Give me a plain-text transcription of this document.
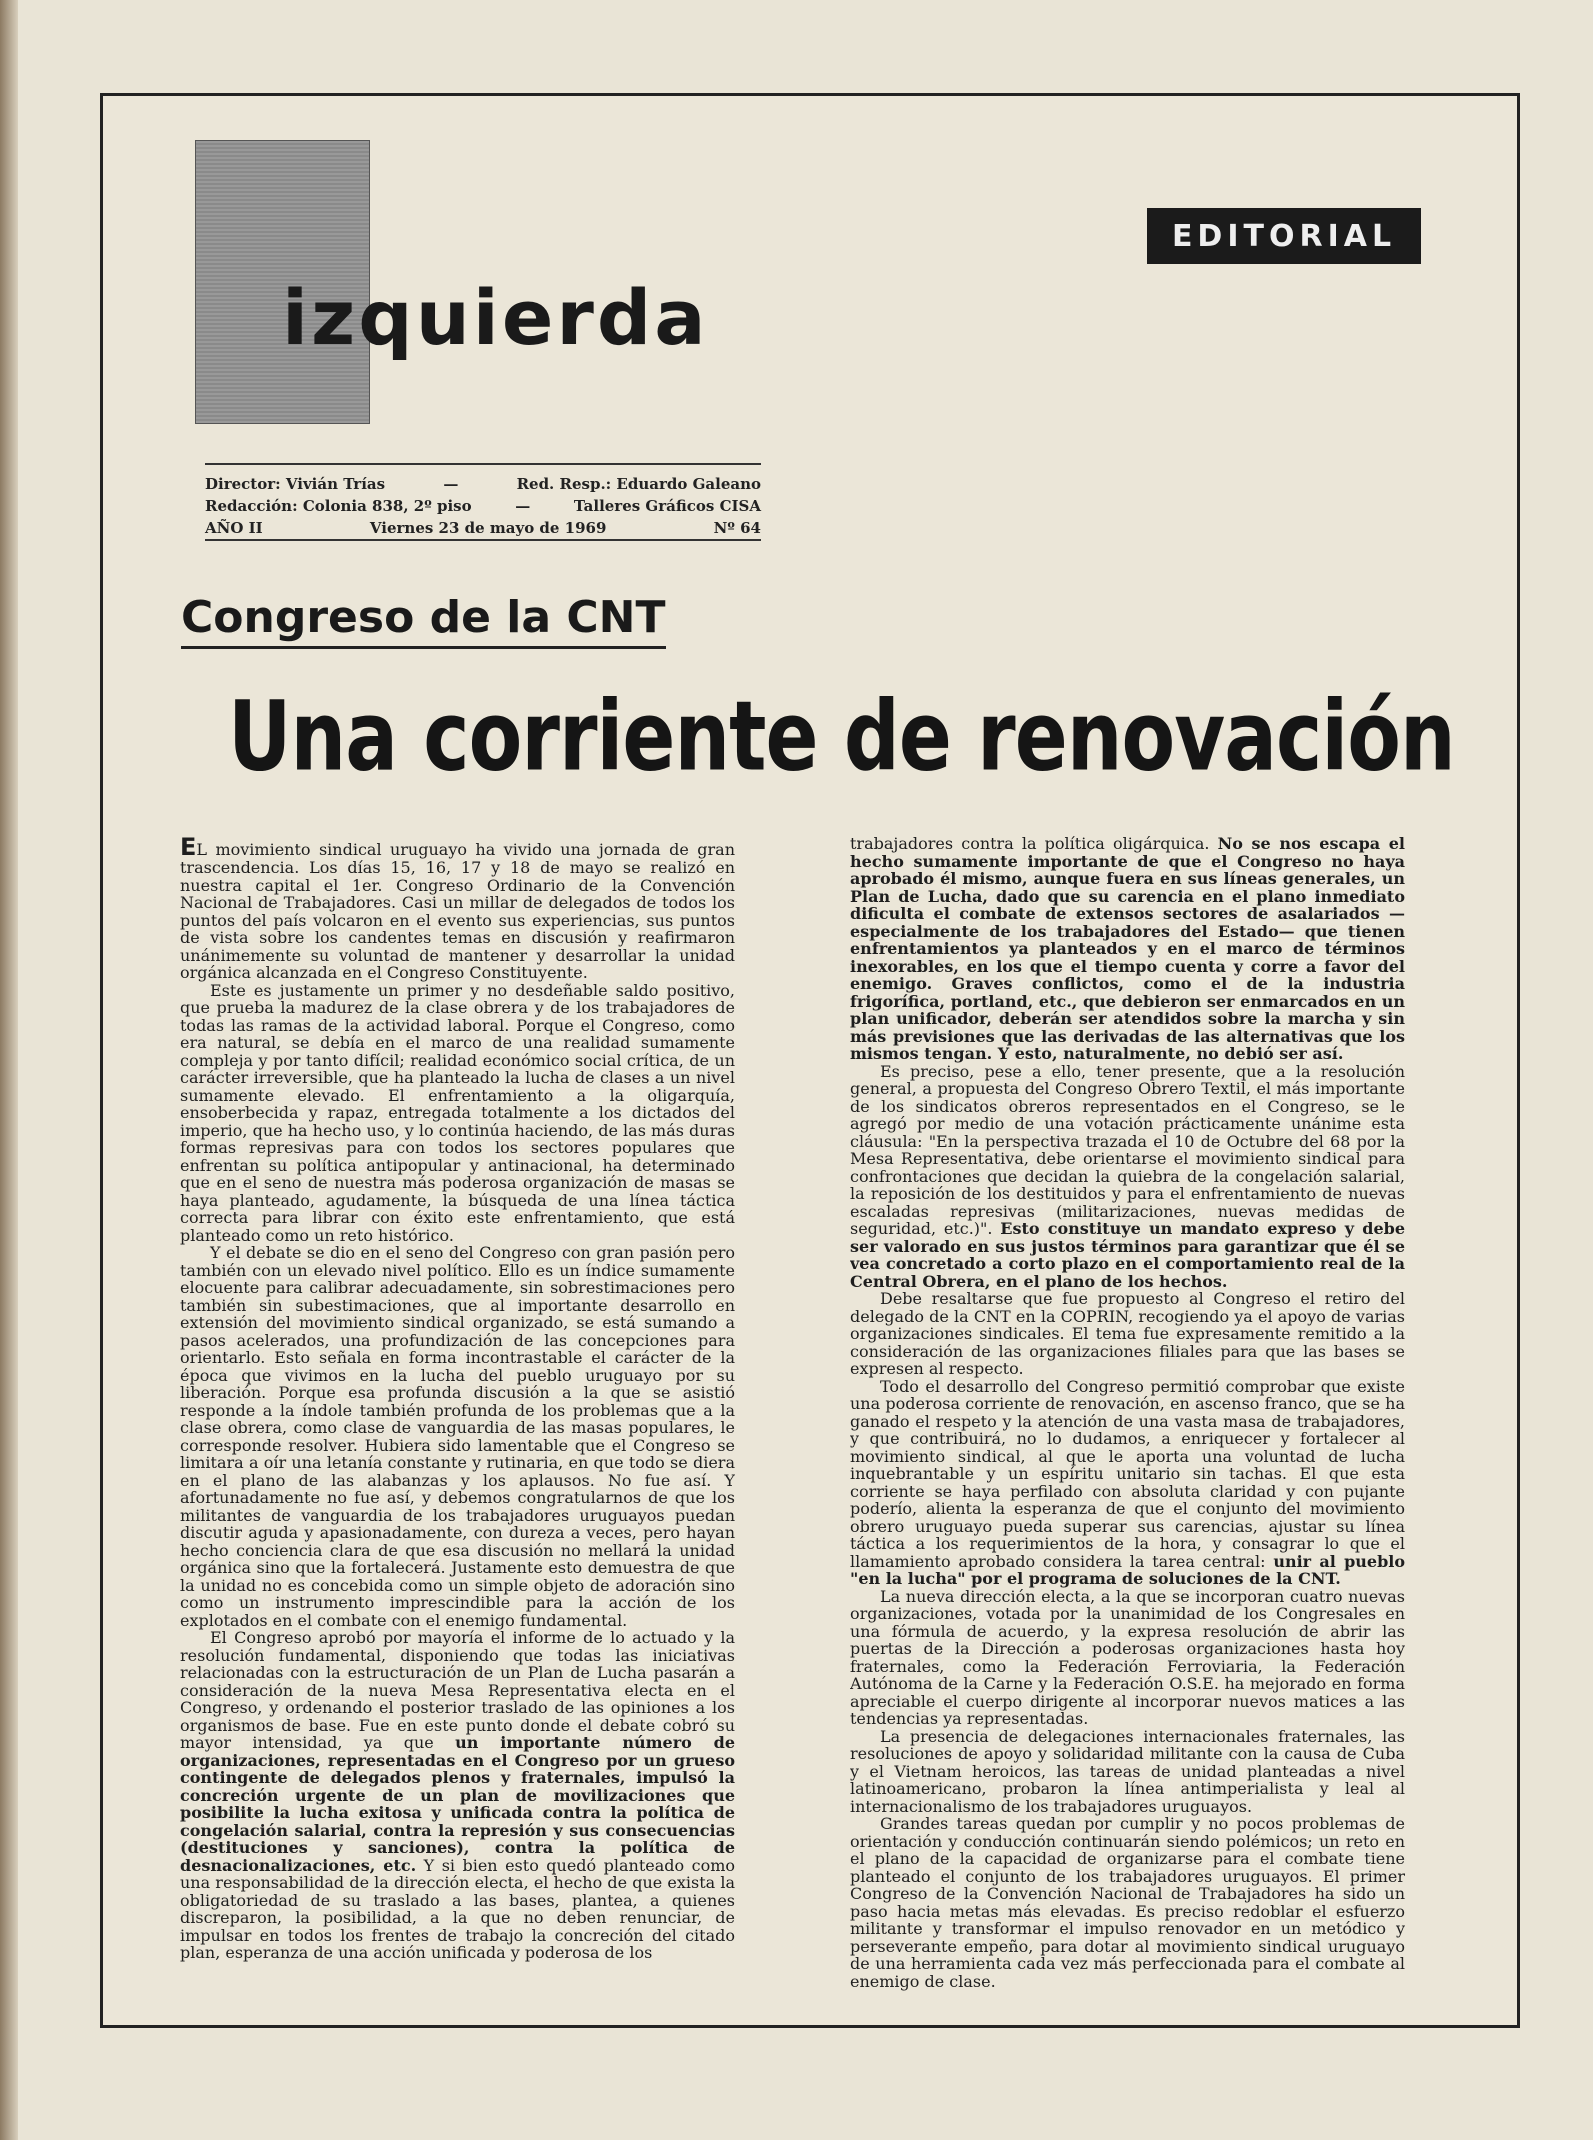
izquierda
EDITORIAL
Director: Vivián Trías	—	Red. Resp.: Eduardo Galeano
Redacción: Colonia 838, 2º piso	—	Talleres Gráficos CISA
AÑO II	Viernes 23 de mayo de 1969	Nº 64
Congreso de la CNT
Una corriente de renovación

EL movimiento sindical uruguayo ha vivido una jornada de gran trascendencia. Los días 15, 16, 17 y 18 de mayo se realizó en nuestra capital el 1er. Congreso Ordinario de la Convención Nacional de Trabajadores. Casi un millar de delegados de todos los puntos del país volcaron en el evento sus experiencias, sus puntos de vista sobre los candentes temas en discusión y reafirmaron unánimemente su voluntad de mantener y desarrollar la unidad orgánica alcanzada en el Congreso Constituyente.

Este es justamente un primer y no desdeñable saldo positivo, que prueba la madurez de la clase obrera y de los trabajadores de todas las ramas de la actividad laboral. Porque el Congreso, como era natural, se debía en el marco de una realidad sumamente compleja y por tanto difícil; realidad económico social crítica, de un carácter irreversible, que ha planteado la lucha de clases a un nivel sumamente elevado. El enfrentamiento a la oligarquía, ensoberbecida y rapaz, entregada totalmente a los dictados del imperio, que ha hecho uso, y lo continúa haciendo, de las más duras formas represivas para con todos los sectores populares que enfrentan su política antipopular y antinacional, ha determinado que en el seno de nuestra más poderosa organización de masas se haya planteado, agudamente, la búsqueda de una línea táctica correcta para librar con éxito este enfrentamiento, que está planteado como un reto histórico.

Y el debate se dio en el seno del Congreso con gran pasión pero también con un elevado nivel político. Ello es un índice sumamente elocuente para calibrar adecuadamente, sin sobrestimaciones pero también sin subestimaciones, que al importante desarrollo en extensión del movimiento sindical organizado, se está sumando a pasos acelerados, una profundización de las concepciones para orientarlo. Esto señala en forma incontrastable el carácter de la época que vivimos en la lucha del pueblo uruguayo por su liberación. Porque esa profunda discusión a la que se asistió responde a la índole también profunda de los problemas que a la clase obrera, como clase de vanguardia de las masas populares, le corresponde resolver. Hubiera sido lamentable que el Congreso se limitara a oír una letanía constante y rutinaria, en que todo se diera en el plano de las alabanzas y los aplausos. No fue así. Y afortunadamente no fue así, y debemos congratularnos de que los militantes de vanguardia de los trabajadores uruguayos puedan discutir aguda y apasionadamente, con dureza a veces, pero hayan hecho conciencia clara de que esa discusión no mellará la unidad orgánica sino que la fortalecerá. Justamente esto demuestra de que la unidad no es concebida como un simple objeto de adoración sino como un instrumento imprescindible para la acción de los explotados en el combate con el enemigo fundamental.

El Congreso aprobó por mayoría el informe de lo actuado y la resolución fundamental, disponiendo que todas las iniciativas relacionadas con la estructuración de un Plan de Lucha pasarán a consideración de la nueva Mesa Representativa electa en el Congreso, y ordenando el posterior traslado de las opiniones a los organismos de base. Fue en este punto donde el debate cobró su mayor intensidad, ya que un importante número de organizaciones, representadas en el Congreso por un grueso contingente de delegados plenos y fraternales, impulsó la concreción urgente de un plan de movilizaciones que posibilite la lucha exitosa y unificada contra la política de congelación salarial, contra la represión y sus consecuencias (destituciones y sanciones), contra la política de desnacionalizaciones, etc. Y si bien esto quedó planteado como una responsabilidad de la dirección electa, el hecho de que exista la obligatoriedad de su traslado a las bases, plantea, a quienes discreparon, la posibilidad, a la que no deben renunciar, de impulsar en todos los frentes de trabajo la concreción del citado plan, esperanza de una acción unificada y poderosa de los

trabajadores contra la política oligárquica. No se nos escapa el hecho sumamente importante de que el Congreso no haya aprobado él mismo, aunque fuera en sus líneas generales, un Plan de Lucha, dado que su carencia en el plano inmediato dificulta el combate de extensos sectores de asalariados —especialmente de los trabajadores del Estado— que tienen enfrentamientos ya planteados y en el marco de términos inexorables, en los que el tiempo cuenta y corre a favor del enemigo. Graves conflictos, como el de la industria frigorífica, portland, etc., que debieron ser enmarcados en un plan unificador, deberán ser atendidos sobre la marcha y sin más previsiones que las derivadas de las alternativas que los mismos tengan. Y esto, naturalmente, no debió ser así.

Es preciso, pese a ello, tener presente, que a la resolución general, a propuesta del Congreso Obrero Textil, el más importante de los sindicatos obreros representados en el Congreso, se le agregó por medio de una votación prácticamente unánime esta cláusula: "En la perspectiva trazada el 10 de Octubre del 68 por la Mesa Representativa, debe orientarse el movimiento sindical para confrontaciones que decidan la quiebra de la congelación salarial, la reposición de los destituidos y para el enfrentamiento de nuevas escaladas represivas (militarizaciones, nuevas medidas de seguridad, etc.)". Esto constituye un mandato expreso y debe ser valorado en sus justos términos para garantizar que él se vea concretado a corto plazo en el comportamiento real de la Central Obrera, en el plano de los hechos.

Debe resaltarse que fue propuesto al Congreso el retiro del delegado de la CNT en la COPRIN, recogiendo ya el apoyo de varias organizaciones sindicales. El tema fue expresamente remitido a la consideración de las organizaciones filiales para que las bases se expresen al respecto.

Todo el desarrollo del Congreso permitió comprobar que existe una poderosa corriente de renovación, en ascenso franco, que se ha ganado el respeto y la atención de una vasta masa de trabajadores, y que contribuirá, no lo dudamos, a enriquecer y fortalecer al movimiento sindical, al que le aporta una voluntad de lucha inquebrantable y un espíritu unitario sin tachas. El que esta corriente se haya perfilado con absoluta claridad y con pujante poderío, alienta la esperanza de que el conjunto del movimiento obrero uruguayo pueda superar sus carencias, ajustar su línea táctica a los requerimientos de la hora, y consagrar lo que el llamamiento aprobado considera la tarea central: unir al pueblo "en la lucha" por el programa de soluciones de la CNT.

La nueva dirección electa, a la que se incorporan cuatro nuevas organizaciones, votada por la unanimidad de los Congresales en una fórmula de acuerdo, y la expresa resolución de abrir las puertas de la Dirección a poderosas organizaciones hasta hoy fraternales, como la Federación Ferroviaria, la Federación Autónoma de la Carne y la Federación O.S.E. ha mejorado en forma apreciable el cuerpo dirigente al incorporar nuevos matices a las tendencias ya representadas.

La presencia de delegaciones internacionales fraternales, las resoluciones de apoyo y solidaridad militante con la causa de Cuba y el Vietnam heroicos, las tareas de unidad planteadas a nivel latinoamericano, probaron la línea antimperialista y leal al internacionalismo de los trabajadores uruguayos.

Grandes tareas quedan por cumplir y no pocos problemas de orientación y conducción continuarán siendo polémicos; un reto en el plano de la capacidad de organizarse para el combate tiene planteado el conjunto de los trabajadores uruguayos. El primer Congreso de la Convención Nacional de Trabajadores ha sido un paso hacia metas más elevadas. Es preciso redoblar el esfuerzo militante y transformar el impulso renovador en un metódico y perseverante empeño, para dotar al movimiento sindical uruguayo de una herramienta cada vez más perfeccionada para el combate al enemigo de clase.
